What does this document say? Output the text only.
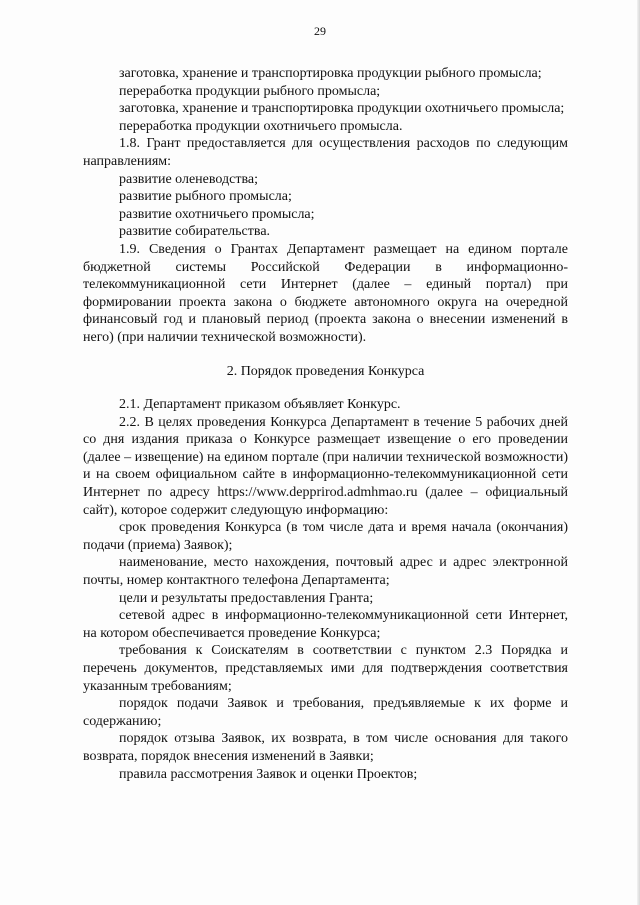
29

заготовка, хранение и транспортировка продукции рыбного промысла;

переработка продукции рыбного промысла;

заготовка, хранение и транспортировка продукции охотничьего промысла;

переработка продукции охотничьего промысла.

1.8. Грант предоставляется для осуществления расходов по следующим направлениям:

развитие оленеводства;

развитие рыбного промысла;

развитие охотничьего промысла;

развитие собирательства.

1.9. Сведения о Грантах Департамент размещает на едином портале бюджетной системы Российской Федерации в информационно-телекоммуникационной сети Интернет (далее – единый портал) при формировании проекта закона о бюджете автономного округа на очередной финансовый год и плановый период (проекта закона о внесении изменений в него) (при наличии технической возможности).

2. Порядок проведения Конкурса

2.1. Департамент приказом объявляет Конкурс.

2.2. В целях проведения Конкурса Департамент в течение 5 рабочих дней со дня издания приказа о Конкурсе размещает извещение о его проведении (далее – извещение) на едином портале (при наличии технической возможности) и на своем официальном сайте в информационно-телекоммуникационной сети Интернет по адресу https://www.depprirod.admhmao.ru (далее – официальный сайт), которое содержит следующую информацию:

срок проведения Конкурса (в том числе дата и время начала (окончания) подачи (приема) Заявок);

наименование, место нахождения, почтовый адрес и адрес электронной почты, номер контактного телефона Департамента;

цели и результаты предоставления Гранта;

сетевой адрес в информационно-телекоммуникационной сети Интернет, на котором обеспечивается проведение Конкурса;

требования к Соискателям в соответствии с пунктом 2.3 Порядка и перечень документов, представляемых ими для подтверждения соответствия указанным требованиям;

порядок подачи Заявок и требования, предъявляемые к их форме и содержанию;

порядок отзыва Заявок, их возврата, в том числе основания для такого возврата, порядок внесения изменений в Заявки;

правила рассмотрения Заявок и оценки Проектов;
